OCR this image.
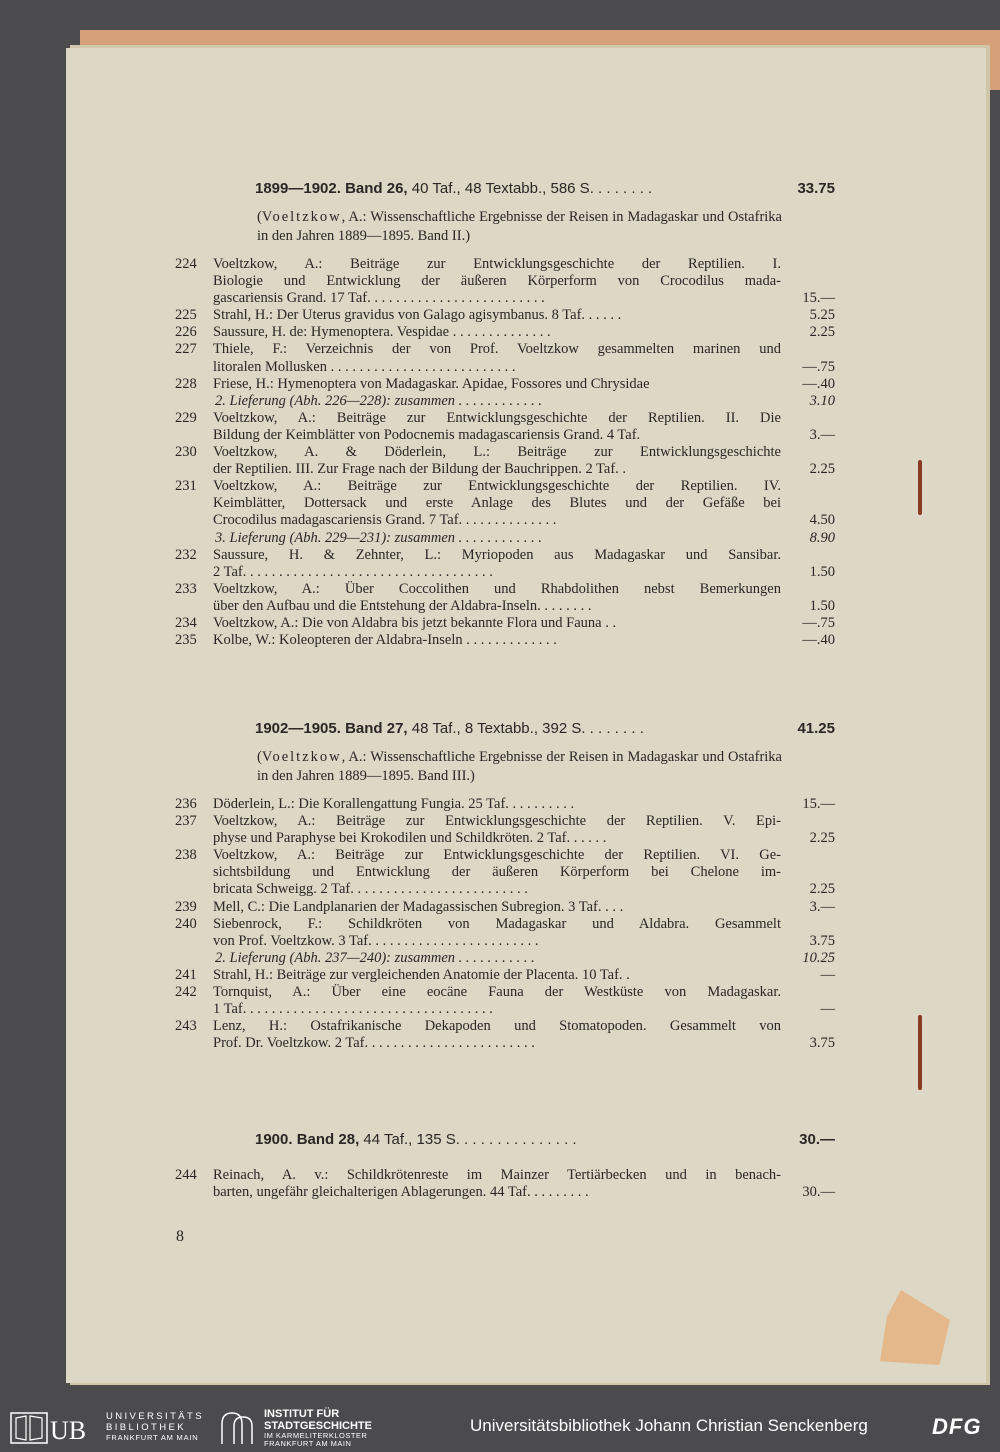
1899—1902. Band 26, 40 Taf., 48 Textabb., 586 S. . . . . . . .	33.75
(Voeltzkow, A.: Wissenschaftliche Ergebnisse der Reisen in Madagaskar und Ostafrika in den Jahren 1889—1895. Band II.)
224	Voeltzkow, A.: Beiträge zur Entwicklungsgeschichte der Reptilien. I.
Biologie und Entwicklung der äußeren Körperform von Crocodilus mada-
gascariensis Grand. 17 Taf. . . . . . . . . . . . . . . . . . . . . . . . .	15.—
225	Strahl, H.: Der Uterus gravidus von Galago agisymbanus. 8 Taf. . . . . .	5.25
226	Saussure, H. de: Hymenoptera. Vespidae . . . . . . . . . . . . . .	2.25
227	Thiele, F.: Verzeichnis der von Prof. Voeltzkow gesammelten marinen und
litoralen Mollusken . . . . . . . . . . . . . . . . . . . . . . . . . .	—.75
228	Friese, H.: Hymenoptera von Madagaskar. Apidae, Fossores und Chrysidae	—.40
2. Lieferung (Abh. 226—228): zusammen . . . . . . . . . . . .	3.10
229	Voeltzkow, A.: Beiträge zur Entwicklungsgeschichte der Reptilien. II. Die
Bildung der Keimblätter von Podocnemis madagascariensis Grand. 4 Taf.	3.—
230	Voeltzkow, A. & Döderlein, L.: Beiträge zur Entwicklungsgeschichte
der Reptilien. III. Zur Frage nach der Bildung der Bauchrippen. 2 Taf. .	2.25
231	Voeltzkow, A.: Beiträge zur Entwicklungsgeschichte der Reptilien. IV.
Keimblätter, Dottersack und erste Anlage des Blutes und der Gefäße bei
Crocodilus madagascariensis Grand. 7 Taf. . . . . . . . . . . . . .	4.50
3. Lieferung (Abh. 229—231): zusammen . . . . . . . . . . . .	8.90
232	Saussure, H. & Zehnter, L.: Myriopoden aus Madagaskar und Sansibar.
2 Taf. . . . . . . . . . . . . . . . . . . . . . . . . . . . . . . . . . .	1.50
233	Voeltzkow, A.: Über Coccolithen und Rhabdolithen nebst Bemerkungen
über den Aufbau und die Entstehung der Aldabra-Inseln. . . . . . . .	1.50
234	Voeltzkow, A.: Die von Aldabra bis jetzt bekannte Flora und Fauna . .	—.75
235	Kolbe, W.: Koleopteren der Aldabra-Inseln . . . . . . . . . . . . .	—.40
1902—1905. Band 27, 48 Taf., 8 Textabb., 392 S. . . . . . . .	41.25
(Voeltzkow, A.: Wissenschaftliche Ergebnisse der Reisen in Madagaskar und Ostafrika in den Jahren 1889—1895. Band III.)
236	Döderlein, L.: Die Korallengattung Fungia. 25 Taf. . . . . . . . . .	15.—
237	Voeltzkow, A.: Beiträge zur Entwicklungsgeschichte der Reptilien. V. Epi-
physe und Paraphyse bei Krokodilen und Schildkröten. 2 Taf. . . . . .	2.25
238	Voeltzkow, A.: Beiträge zur Entwicklungsgeschichte der Reptilien. VI. Ge-
sichtsbildung und Entwicklung der äußeren Körperform bei Chelone im-
bricata Schweigg. 2 Taf. . . . . . . . . . . . . . . . . . . . . . . . .	2.25
239	Mell, C.: Die Landplanarien der Madagassischen Subregion. 3 Taf. . . .	3.—
240	Siebenrock, F.: Schildkröten von Madagaskar und Aldabra. Gesammelt
von Prof. Voeltzkow. 3 Taf. . . . . . . . . . . . . . . . . . . . . . . .	3.75
2. Lieferung (Abh. 237—240): zusammen . . . . . . . . . . .	10.25
241	Strahl, H.: Beiträge zur vergleichenden Anatomie der Placenta. 10 Taf. .	—
242	Tornquist, A.: Über eine eocäne Fauna der Westküste von Madagaskar.
1 Taf. . . . . . . . . . . . . . . . . . . . . . . . . . . . . . . . . . .	—
243	Lenz, H.: Ostafrikanische Dekapoden und Stomatopoden. Gesammelt von
Prof. Dr. Voeltzkow. 2 Taf. . . . . . . . . . . . . . . . . . . . . . . .	3.75
1900. Band 28, 44 Taf., 135 S. . . . . . . . . . . . . . .	30.—
244	Reinach, A. v.: Schildkrötenreste im Mainzer Tertiärbecken und in benach-
barten, ungefähr gleichalterigen Ablagerungen. 44 Taf. . . . . . . . .	30.—
8
UB UNIVERSITÄTS
BIBLIOTHEK
FRANKFURT AM MAIN
INSTITUT FÜR
STADTGESCHICHTE
IM KARMELITERKLOSTER
FRANKFURT AM MAIN
Universitätsbibliothek Johann Christian Senckenberg	DFG
